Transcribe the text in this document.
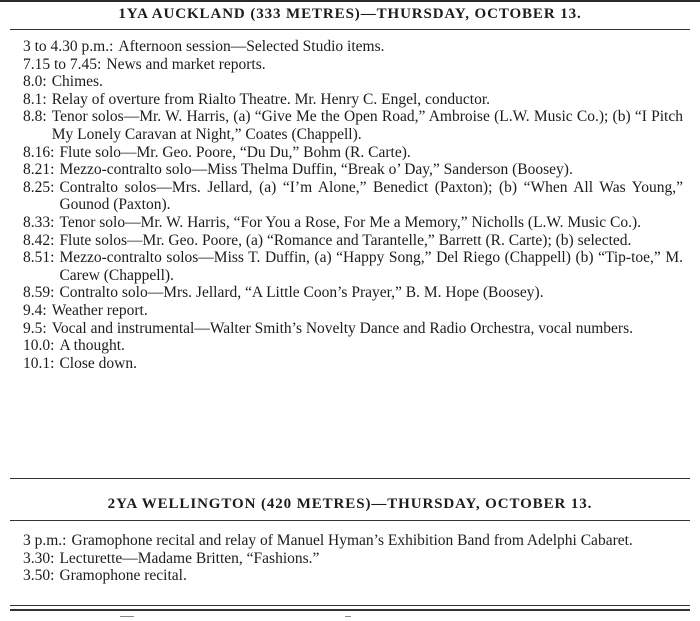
1YA AUCKLAND (333 METRES)—THURSDAY, OCTOBER 13.
3 to 4.30 p.m.: Afternoon session—Selected Studio items.
7.15 to 7.45: News and market reports.
8.0: Chimes.
8.1: Relay of overture from Rialto Theatre. Mr. Henry C. Engel, conductor.
8.8: Tenor solos—Mr. W. Harris, (a) “Give Me the Open Road,” Ambroise (L.W. Music Co.); (b) “I Pitch My Lonely Caravan at Night,” Coates (Chappell).
8.16: Flute solo—Mr. Geo. Poore, “Du Du,” Bohm (R. Carte).
8.21: Mezzo-contralto solo—Miss Thelma Duffin, “Break o’ Day,” Sanderson (Boosey).
8.25: Contralto solos—Mrs. Jellard, (a) “I’m Alone,” Benedict (Paxton); (b) “When All Was Young,” Gounod (Paxton).
8.33: Tenor solo—Mr. W. Harris, “For You a Rose, For Me a Memory,” Nicholls (L.W. Music Co.).
8.42: Flute solos—Mr. Geo. Poore, (a) “Romance and Tarantelle,” Barrett (R. Carte); (b) selected.
8.51: Mezzo-contralto solos—Miss T. Duffin, (a) “Happy Song,” Del Riego (Chappell) (b) “Tip-toe,” M. Carew (Chappell).
8.59: Contralto solo—Mrs. Jellard, “A Little Coon’s Prayer,” B. M. Hope (Boosey).
9.4: Weather report.
9.5: Vocal and instrumental—Walter Smith’s Novelty Dance and Radio Orchestra, vocal numbers.
10.0: A thought.
10.1: Close down.
2YA WELLINGTON (420 METRES)—THURSDAY, OCTOBER 13.
3 p.m.: Gramophone recital and relay of Manuel Hyman’s Exhibition Band from Adelphi Cabaret.
3.30: Lecturette—Madame Britten, “Fashions.”
3.50: Gramophone recital.
